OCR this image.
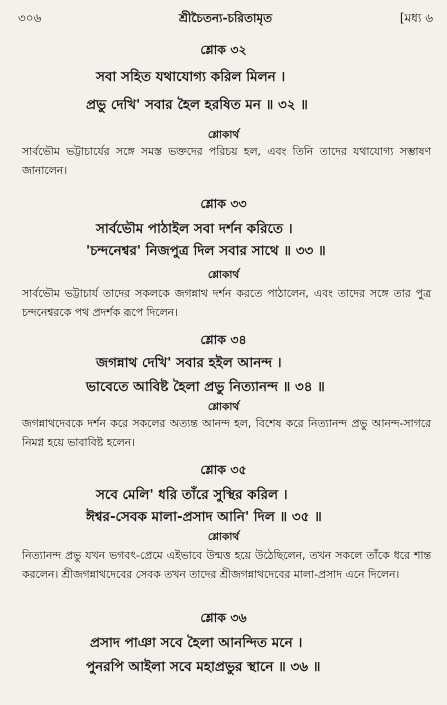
৩০৬	শ্রীচৈতন্য-চরিতামৃত	[মধ্য ৬
শ্লোক ৩২
সবা সহিত যথাযোগ্য করিল মিলন ।
প্রভু দেখি' সবার হৈল হরষিত মন ॥ ৩২ ॥
শ্লোকার্থ
সার্বভৌম ভট্টাচার্যের সঙ্গে সমস্ত ভক্তদের পরিচয় হল, এবং তিনি তাদের যথাযোগ্য সম্ভাষণ জানালেন।
শ্লোক ৩৩
সার্বভৌম পাঠাইল সবা দর্শন করিতে ।
'চন্দনেশ্বর' নিজপুত্র দিল সবার সাথে ॥ ৩৩ ॥
শ্লোকার্থ
সার্বভৌম ভট্টাচার্য তাদের সকলকে জগন্নাথ দর্শন করতে পাঠালেন, এবং তাদের সঙ্গে তার পুত্র চন্দনেশ্বরকে পথ প্রদর্শক রূপে দিলেন।
শ্লোক ৩৪
জগন্নাথ দেখি' সবার হইল আনন্দ ।
ভাবেতে আবিষ্ট হৈলা প্রভু নিত্যানন্দ ॥ ৩৪ ॥
শ্লোকার্থ
জগন্নাথদেবকে দর্শন করে সকলের অত্যন্ত আনন্দ হল, বিশেষ করে নিত্যানন্দ প্রভু আনন্দ-সাগরে নিমগ্ন হয়ে ভাবাবিষ্ট হলেন।
শ্লোক ৩৫
সবে মেলি' ধরি তাঁরে সুস্থির করিল ।
ঈশ্বর-সেবক মালা-প্রসাদ আনি' দিল ॥ ৩৫ ॥
শ্লোকার্থ
নিত্যানন্দ প্রভু যখন ভগবৎ-প্রেমে এইভাবে উন্মত্ত হয়ে উঠেছিলেন, তখন সকলে তাঁকে ধরে শান্ত করলেন। শ্রীজগন্নাথদেবের সেবক তখন তাদের শ্রীজগন্নাথদেবের মালা-প্রসাদ এনে দিলেন।
শ্লোক ৩৬
প্রসাদ পাঞা সবে হৈলা আনন্দিত মনে ।
পুনরপি আইলা সবে মহাপ্রভুর স্থানে ॥ ৩৬ ॥
